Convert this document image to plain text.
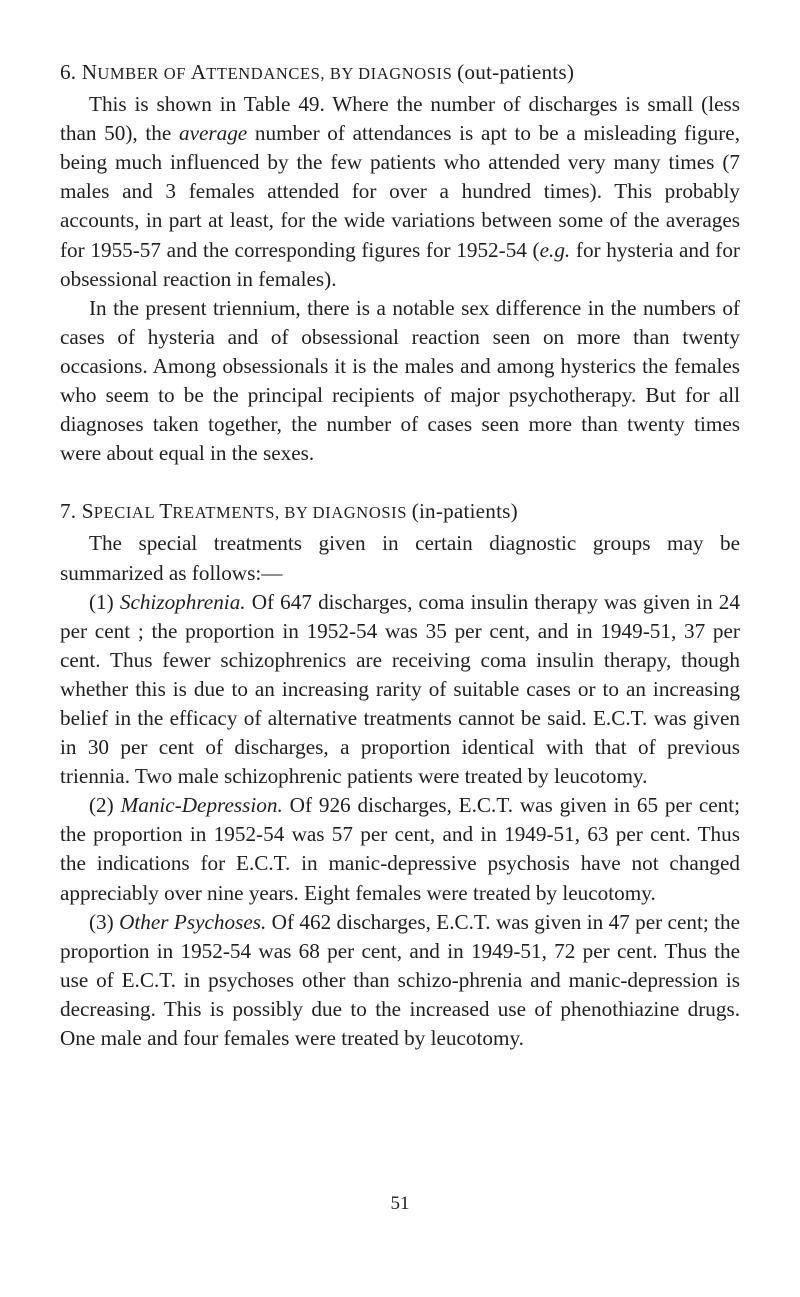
6. NUMBER OF ATTENDANCES, BY DIAGNOSIS (out-patients)

This is shown in Table 49. Where the number of discharges is small (less than 50), the average number of attendances is apt to be a misleading figure, being much influenced by the few patients who attended very many times (7 males and 3 females attended for over a hundred times). This probably accounts, in part at least, for the wide variations between some of the averages for 1955-57 and the corresponding figures for 1952-54 (e.g. for hysteria and for obsessional reaction in females).

In the present triennium, there is a notable sex difference in the numbers of cases of hysteria and of obsessional reaction seen on more than twenty occasions. Among obsessionals it is the males and among hysterics the females who seem to be the principal recipients of major psychotherapy. But for all diagnoses taken together, the number of cases seen more than twenty times were about equal in the sexes.

7. SPECIAL TREATMENTS, BY DIAGNOSIS (in-patients)

The special treatments given in certain diagnostic groups may be summarized as follows:—

(1) Schizophrenia. Of 647 discharges, coma insulin therapy was given in 24 per cent ; the proportion in 1952-54 was 35 per cent, and in 1949-51, 37 per cent. Thus fewer schizophrenics are receiving coma insulin therapy, though whether this is due to an increasing rarity of suitable cases or to an increasing belief in the efficacy of alternative treatments cannot be said. E.C.T. was given in 30 per cent of discharges, a proportion identical with that of previous triennia. Two male schizophrenic patients were treated by leucotomy.

(2) Manic-Depression. Of 926 discharges, E.C.T. was given in 65 per cent; the proportion in 1952-54 was 57 per cent, and in 1949-51, 63 per cent. Thus the indications for E.C.T. in manic-depressive psychosis have not changed appreciably over nine years. Eight females were treated by leucotomy.

(3) Other Psychoses. Of 462 discharges, E.C.T. was given in 47 per cent; the proportion in 1952-54 was 68 per cent, and in 1949-51, 72 per cent. Thus the use of E.C.T. in psychoses other than schizo-phrenia and manic-depression is decreasing. This is possibly due to the increased use of phenothiazine drugs. One male and four females were treated by leucotomy.

51
